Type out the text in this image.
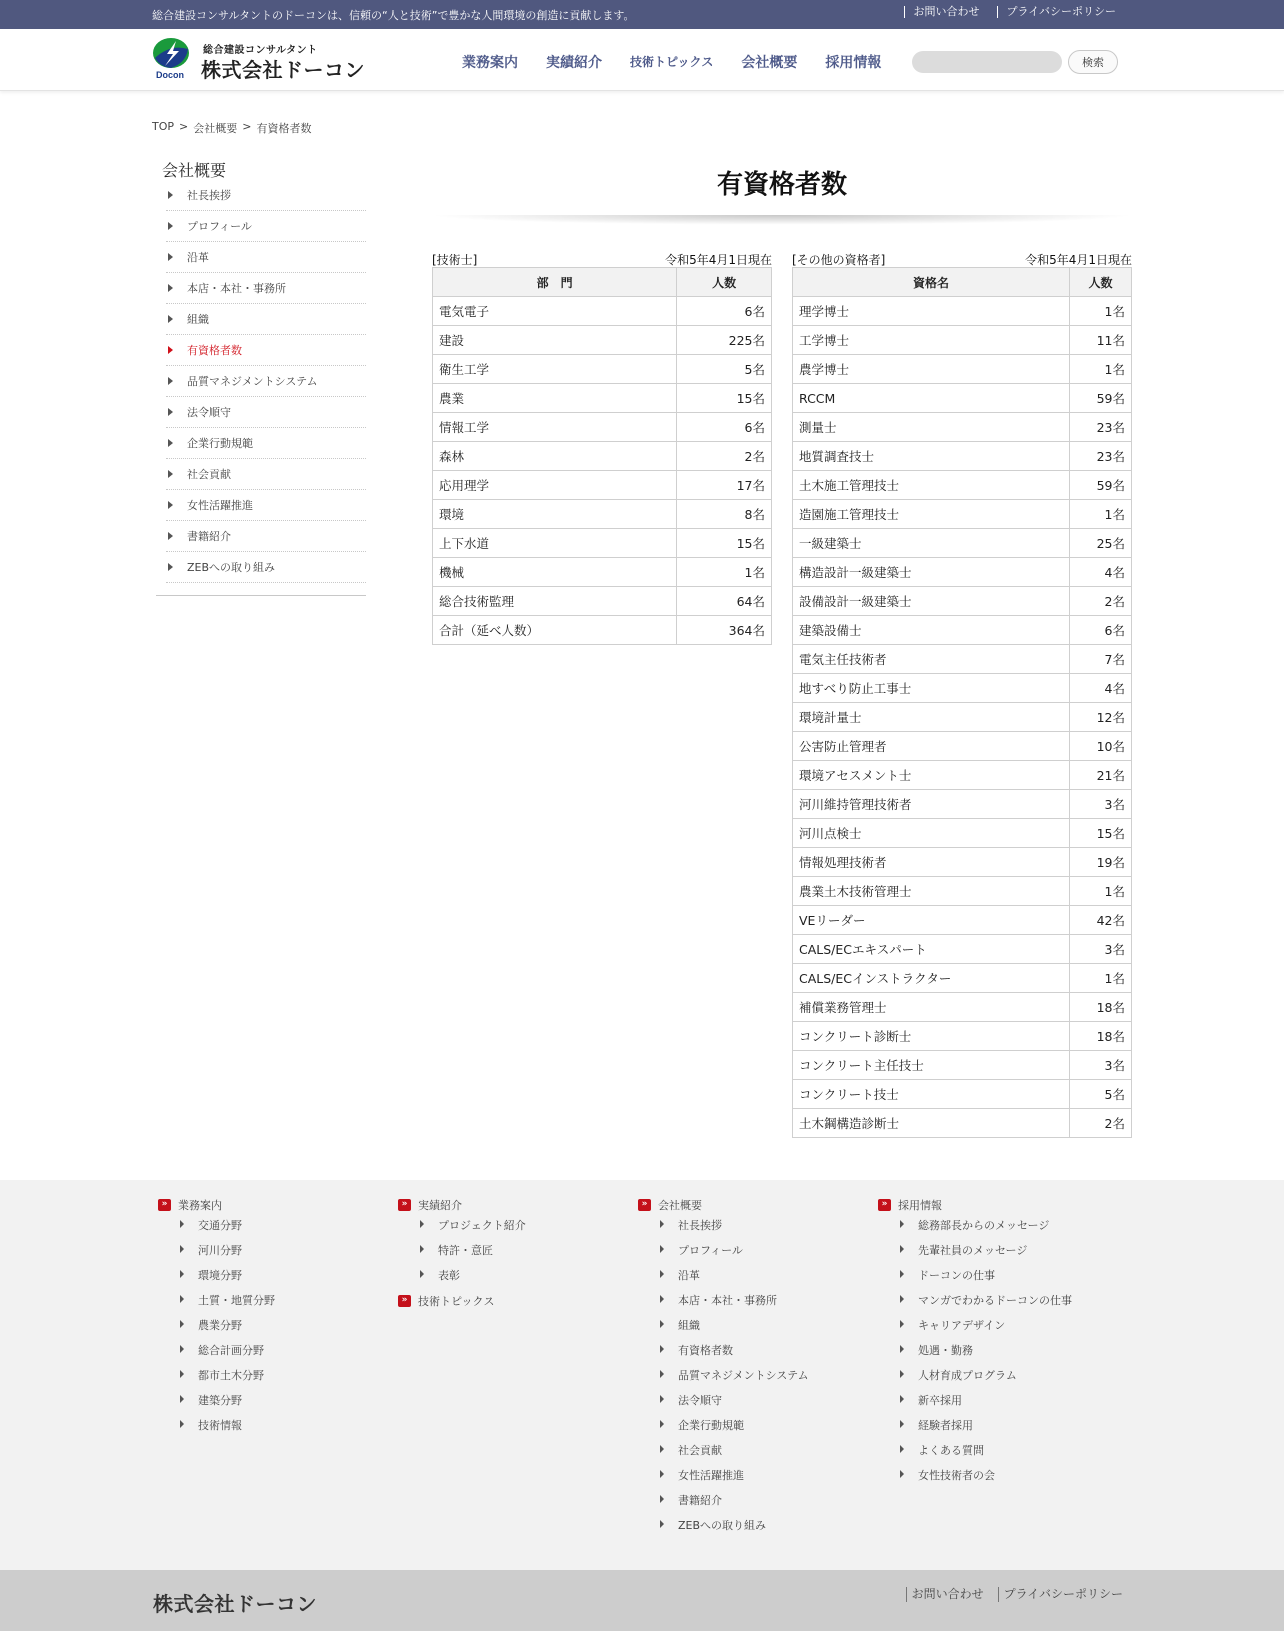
総合建設コンサルタントのドーコンは、信頼の“人と技術”で豊かな人間環境の創造に貢献します。	お問い合わせ	プライバシーポリシー
Docon
総合建設コンサルタント
株式会社ドーコン	業務案内 実績紹介 技術トピックス 会社概要 採用情報	検索
TOP > 会社概要 > 有資格者数
会社概要
社長挨拶
プロフィール
沿革
本店・本社・事務所
組織
有資格者数
品質マネジメントシステム
法令順守
企業行動規範
社会貢献
女性活躍推進
書籍紹介
ZEBへの取り組み
有資格者数
[技術士]	令和5年4月1日現在
部　門	人数
電気電子	6名
建設	225名
衛生工学	5名
農業	15名
情報工学	6名
森林	2名
応用理学	17名
環境	8名
上下水道	15名
機械	1名
総合技術監理	64名
合計（延べ人数）	364名
[その他の資格者]	令和5年4月1日現在
資格名	人数
理学博士	1名
工学博士	11名
農学博士	1名
RCCM	59名
測量士	23名
地質調査技士	23名
土木施工管理技士	59名
造園施工管理技士	1名
一級建築士	25名
構造設計一級建築士	4名
設備設計一級建築士	2名
建築設備士	6名
電気主任技術者	7名
地すべり防止工事士	4名
環境計量士	12名
公害防止管理者	10名
環境アセスメント士	21名
河川維持管理技術者	3名
河川点検士	15名
情報処理技術者	19名
農業土木技術管理士	1名
VEリーダー	42名
CALS/ECエキスパート	3名
CALS/ECインストラクター	1名
補償業務管理士	18名
コンクリート診断士	18名
コンクリート主任技士	3名
コンクリート技士	5名
土木鋼構造診断士	2名
» 業務案内
交通分野
河川分野
環境分野
土質・地質分野
農業分野
総合計画分野
都市土木分野
建築分野
技術情報
» 実績紹介
プロジェクト紹介
特許・意匠
表彰
» 技術トピックス
» 会社概要
社長挨拶
プロフィール
沿革
本店・本社・事務所
組織
有資格者数
品質マネジメントシステム
法令順守
企業行動規範
社会貢献
女性活躍推進
書籍紹介
ZEBへの取り組み
» 採用情報
総務部長からのメッセージ
先輩社員のメッセージ
ドーコンの仕事
マンガでわかるドーコンの仕事
キャリアデザイン
処遇・勤務
人材育成プログラム
新卒採用
経験者採用
よくある質問
女性技術者の会
株式会社ドーコン	お問い合わせ	プライバシーポリシー
